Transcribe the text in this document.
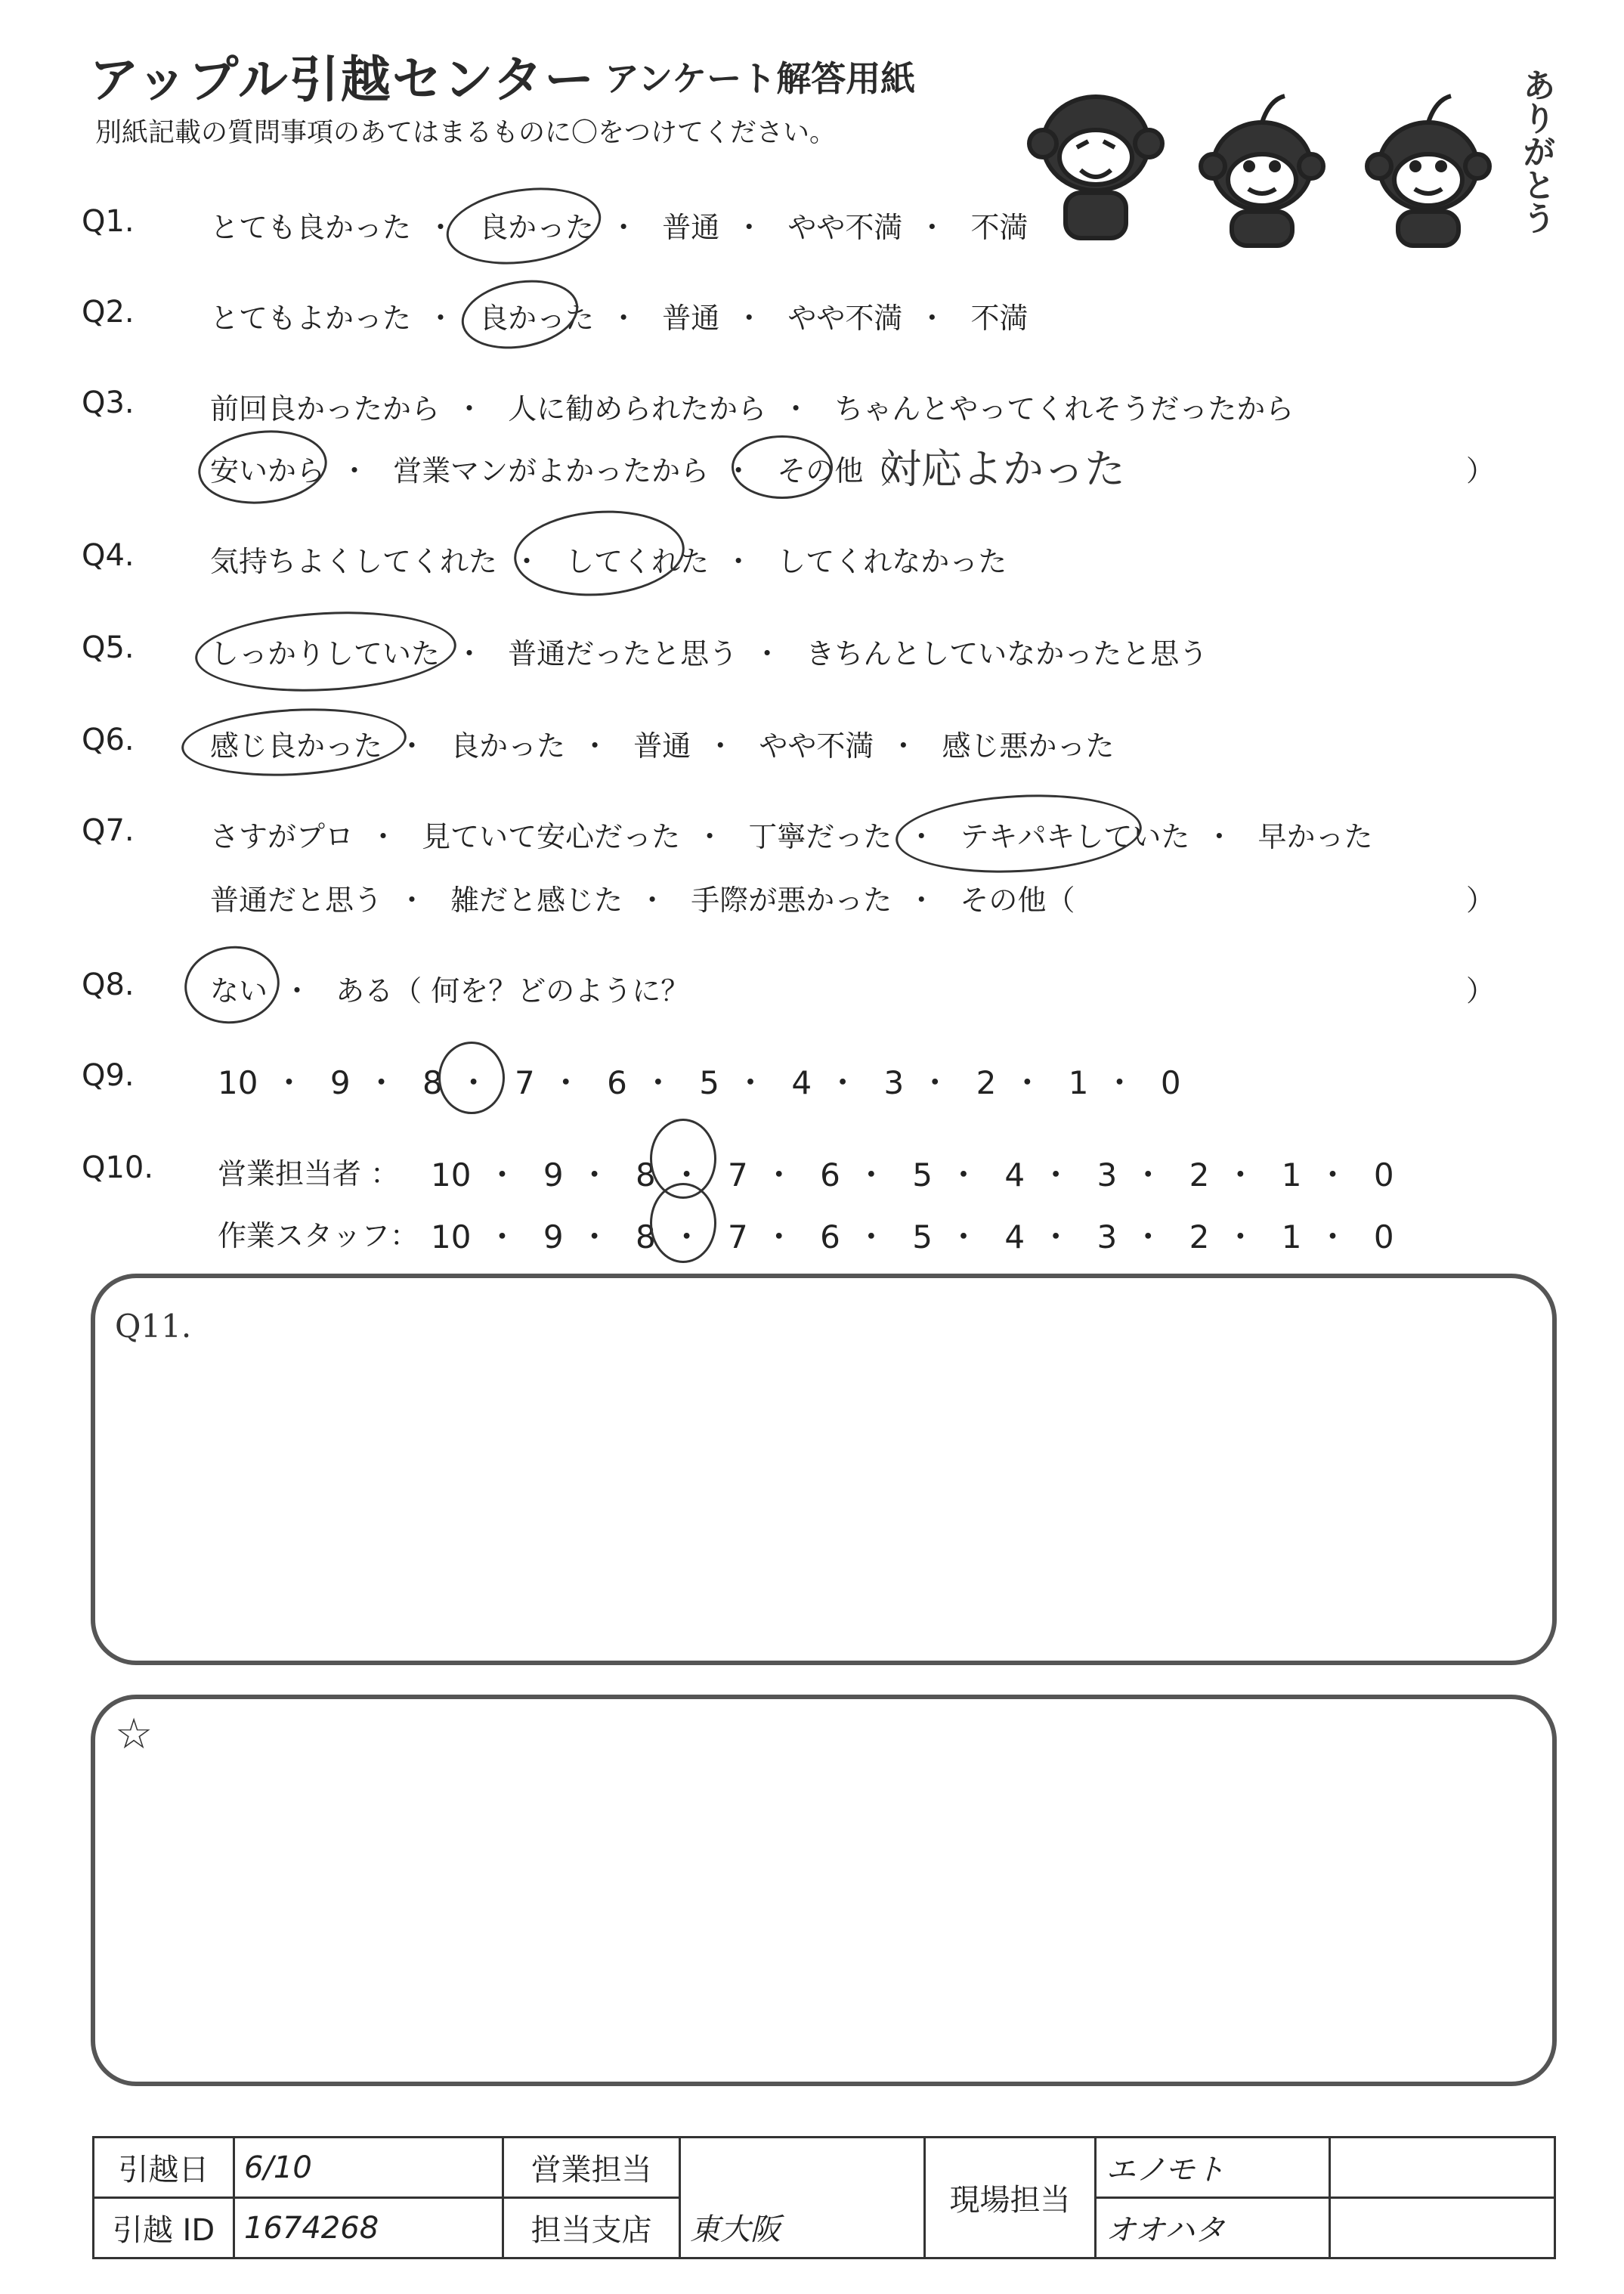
アップル引越センター アンケート解答用紙
別紙記載の質問事項のあてはまるものに〇をつけてください。	ありがとう
Q1.	とても良かった ・ 良かった ・ 普通 ・ やや不満 ・ 不満
Q2.	とてもよかった ・ 良かった ・ 普通 ・ やや不満 ・ 不満
Q3.	前回良かったから ・ 人に勧められたから ・ ちゃんとやってくれそうだったから
安いから ・ 営業マンがよかったから ・ その他（
対応よかった	）
Q4.	気持ちよくしてくれた ・ してくれた ・ してくれなかった
Q5.	しっかりしていた ・ 普通だったと思う ・ きちんとしていなかったと思う
Q6.	感じ良かった ・ 良かった ・ 普通 ・ やや不満 ・ 感じ悪かった
Q7.	さすがプロ ・ 見ていて安心だった ・ 丁寧だった ・ テキパキしていた ・ 早かった
普通だと思う ・ 雑だと感じた ・ 手際が悪かった ・ その他（	）
Q8.	ない ・ ある（ 何を？どのように？	）
Q9.	10 ・ 9 ・ 8 ・ 7 ・ 6 ・ 5 ・ 4 ・ 3 ・ 2 ・ 1 ・ 0
Q10. 営業担当者 ： 10 ・ 9 ・ 8 ・ 7 ・ 6 ・ 5 ・ 4 ・ 3 ・ 2 ・ 1 ・ 0
作業スタッフ： 10 ・ 9 ・ 8 ・ 7 ・ 6 ・ 5 ・ 4 ・ 3 ・ 2 ・ 1 ・ 0
Q11.
☆
引越日	6/10	営業担当		現場担当	エノモト	
引越 ID	1674268	担当支店	東大阪		オオハタ	
